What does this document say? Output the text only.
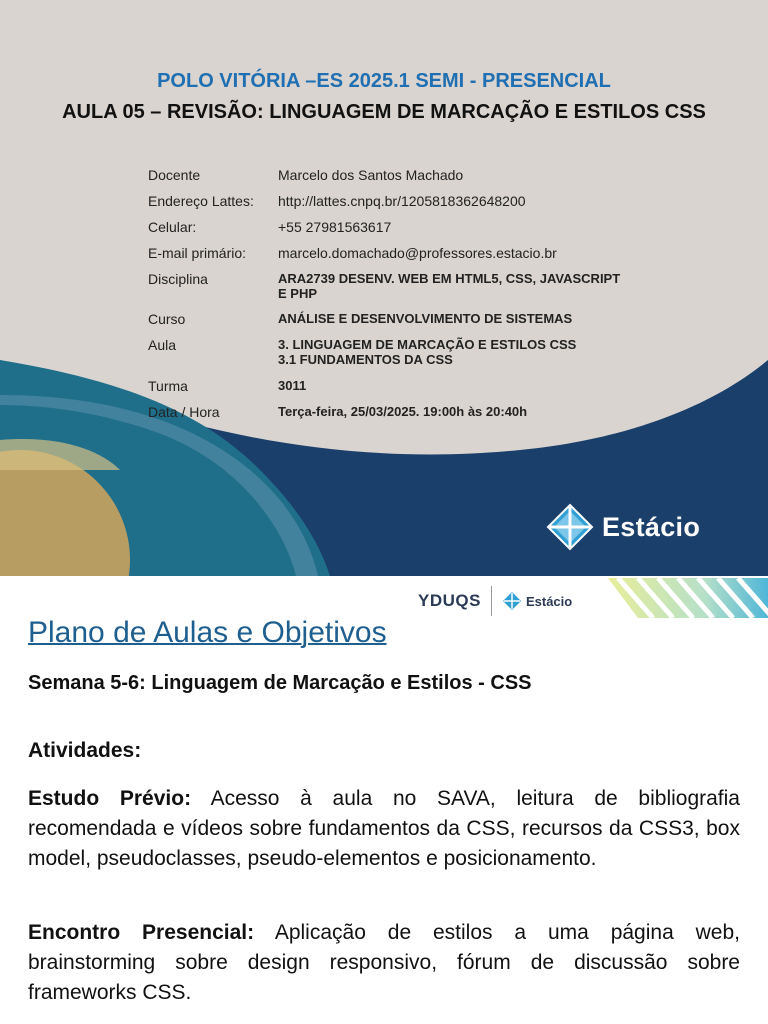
POLO VITÓRIA –ES 2025.1 SEMI - PRESENCIAL
AULA 05 – REVISÃO: LINGUAGEM DE MARCAÇÃO E ESTILOS CSS
Docente	Marcelo dos Santos Machado
Endereço Lattes:	http://lattes.cnpq.br/1205818362648200
Celular:	+55 27981563617
E-mail primário:	marcelo.domachado@professores.estacio.br
Disciplina	ARA2739 DESENV. WEB EM HTML5, CSS, JAVASCRIPT
E PHP
Curso	ANÁLISE E DESENVOLVIMENTO DE SISTEMAS
Aula	3. LINGUAGEM DE MARCAÇÃO E ESTILOS CSS
3.1 FUNDAMENTOS DA CSS
Turma	3011
Data / Hora	Terça-feira, 25/03/2025. 19:00h às 20:40h
Estácio
YDUQS	Estácio
Plano de Aulas e Objetivos
Semana 5-6: Linguagem de Marcação e Estilos - CSS
Atividades:
Estudo Prévio: Acesso à aula no SAVA, leitura de bibliografia recomendada e vídeos sobre fundamentos da CSS, recursos da CSS3, box model, pseudoclasses, pseudo-elementos e posicionamento.
Encontro Presencial: Aplicação de estilos a uma página web, brainstorming sobre design responsivo, fórum de discussão sobre frameworks CSS.
